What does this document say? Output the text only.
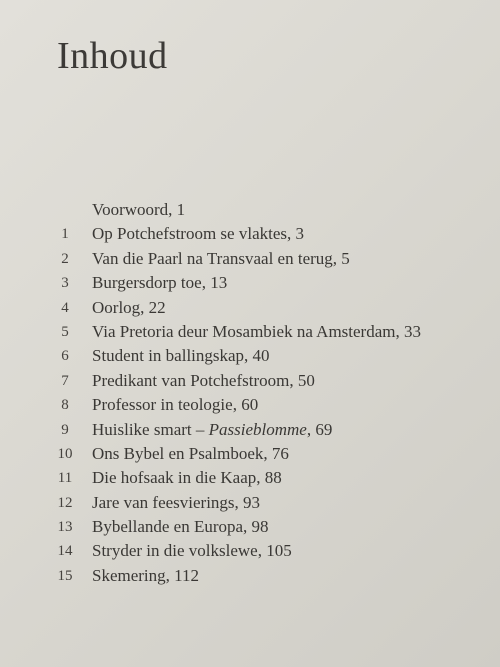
Inhoud
Voorwoord, 1
1	Op Potchefstroom se vlaktes, 3
2	Van die Paarl na Transvaal en terug, 5
3	Burgersdorp toe, 13
4	Oorlog, 22
5	Via Pretoria deur Mosambiek na Amsterdam, 33
6	Student in ballingskap, 40
7	Predikant van Potchefstroom, 50
8	Professor in teologie, 60
9	Huislike smart – Passieblomme, 69
10	Ons Bybel en Psalmboek, 76
11	Die hofsaak in die Kaap, 88
12	Jare van feesvierings, 93
13	Bybellande en Europa, 98
14	Stryder in die volkslewe, 105
15	Skemering, 112
